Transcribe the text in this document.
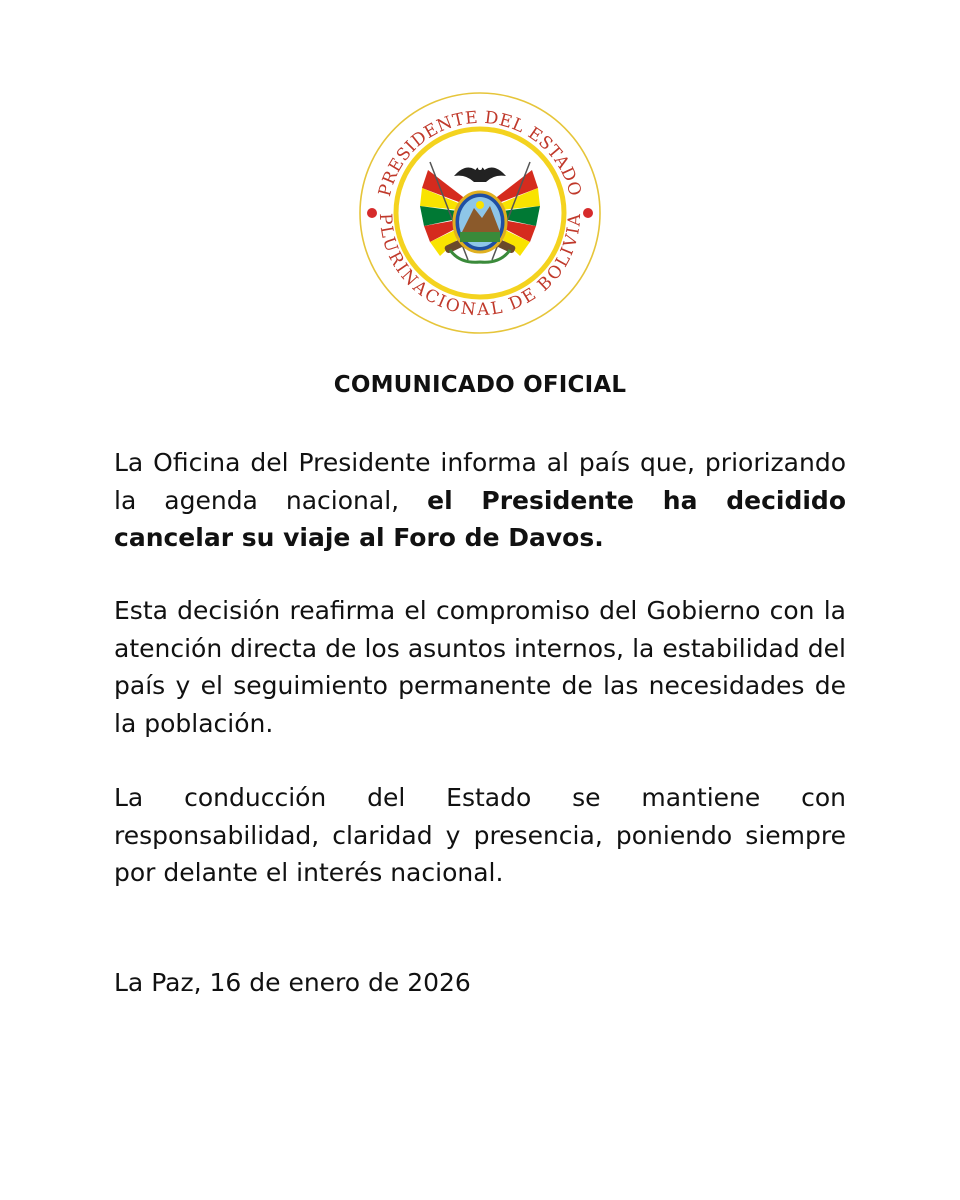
PRESIDENTE DEL ESTADO
PLURINACIONAL DE BOLIVIA
COMUNICADO OFICIAL

La Oficina del Presidente informa al país que, priorizando la agenda nacional, el Presidente ha decidido cancelar su viaje al Foro de Davos.

Esta decisión reafirma el compromiso del Gobierno con la atención directa de los asuntos internos, la estabilidad del país y el seguimiento permanente de las necesidades de la población.

La conducción del Estado se mantiene con responsabilidad, claridad y presencia, poniendo siempre por delante el interés nacional.

La Paz, 16 de enero de 2026
